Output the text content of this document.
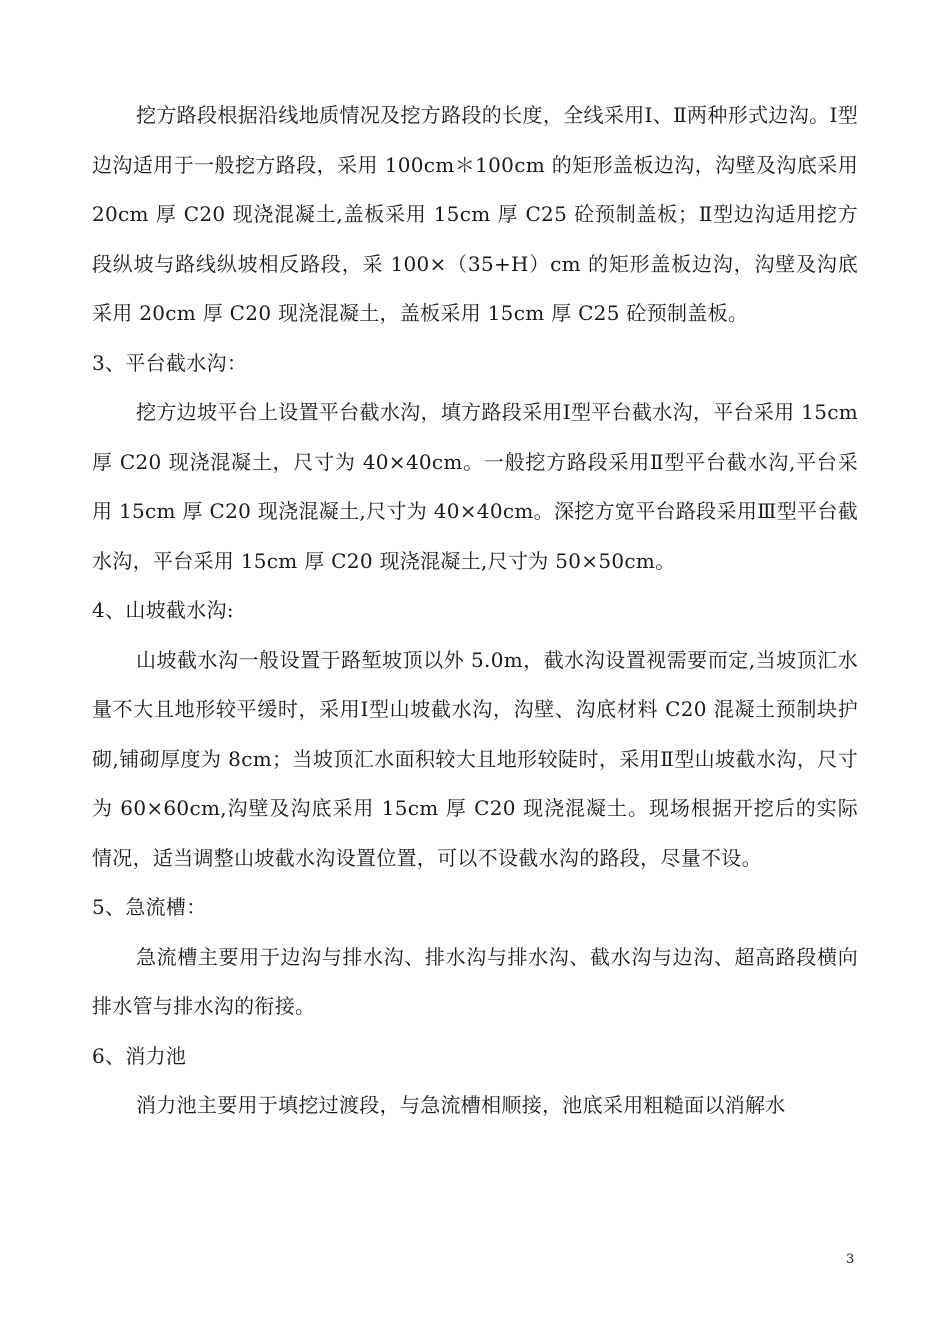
挖方路段根据沿线地质情况及挖方路段的长度，全线采用Ⅰ、Ⅱ两种形式边沟。Ⅰ型边沟适用于一般挖方路段，采用 100cm＊100cm 的矩形盖板边沟，沟壁及沟底采用 20cm 厚 C20 现浇混凝土,盖板采用 15cm 厚 C25 砼预制盖板；Ⅱ型边沟适用挖方段纵坡与路线纵坡相反路段，采 100×（35+H）cm 的矩形盖板边沟，沟壁及沟底采用 20cm 厚 C20 现浇混凝土，盖板采用 15cm 厚 C25 砼预制盖板。

3、平台截水沟：

挖方边坡平台上设置平台截水沟，填方路段采用Ⅰ型平台截水沟，平台采用 15cm 厚 C20 现浇混凝土，尺寸为 40×40cm。一般挖方路段采用Ⅱ型平台截水沟,平台采用 15cm 厚 C20 现浇混凝土,尺寸为 40×40cm。深挖方宽平台路段采用Ⅲ型平台截水沟，平台采用 15cm 厚 C20 现浇混凝土,尺寸为 50×50cm。

4、山坡截水沟:

山坡截水沟一般设置于路堑坡顶以外 5.0m，截水沟设置视需要而定,当坡顶汇水量不大且地形较平缓时，采用Ⅰ型山坡截水沟，沟壁、沟底材料 C20 混凝土预制块护砌,铺砌厚度为 8cm；当坡顶汇水面积较大且地形较陡时，采用Ⅱ型山坡截水沟，尺寸为 60×60cm,沟壁及沟底采用 15cm 厚 C20 现浇混凝土。现场根据开挖后的实际情况，适当调整山坡截水沟设置位置，可以不设截水沟的路段，尽量不设。

5、急流槽：

急流槽主要用于边沟与排水沟、排水沟与排水沟、截水沟与边沟、超高路段横向排水管与排水沟的衔接。

6、消力池

消力池主要用于填挖过渡段，与急流槽相顺接，池底采用粗糙面以消解水

3
